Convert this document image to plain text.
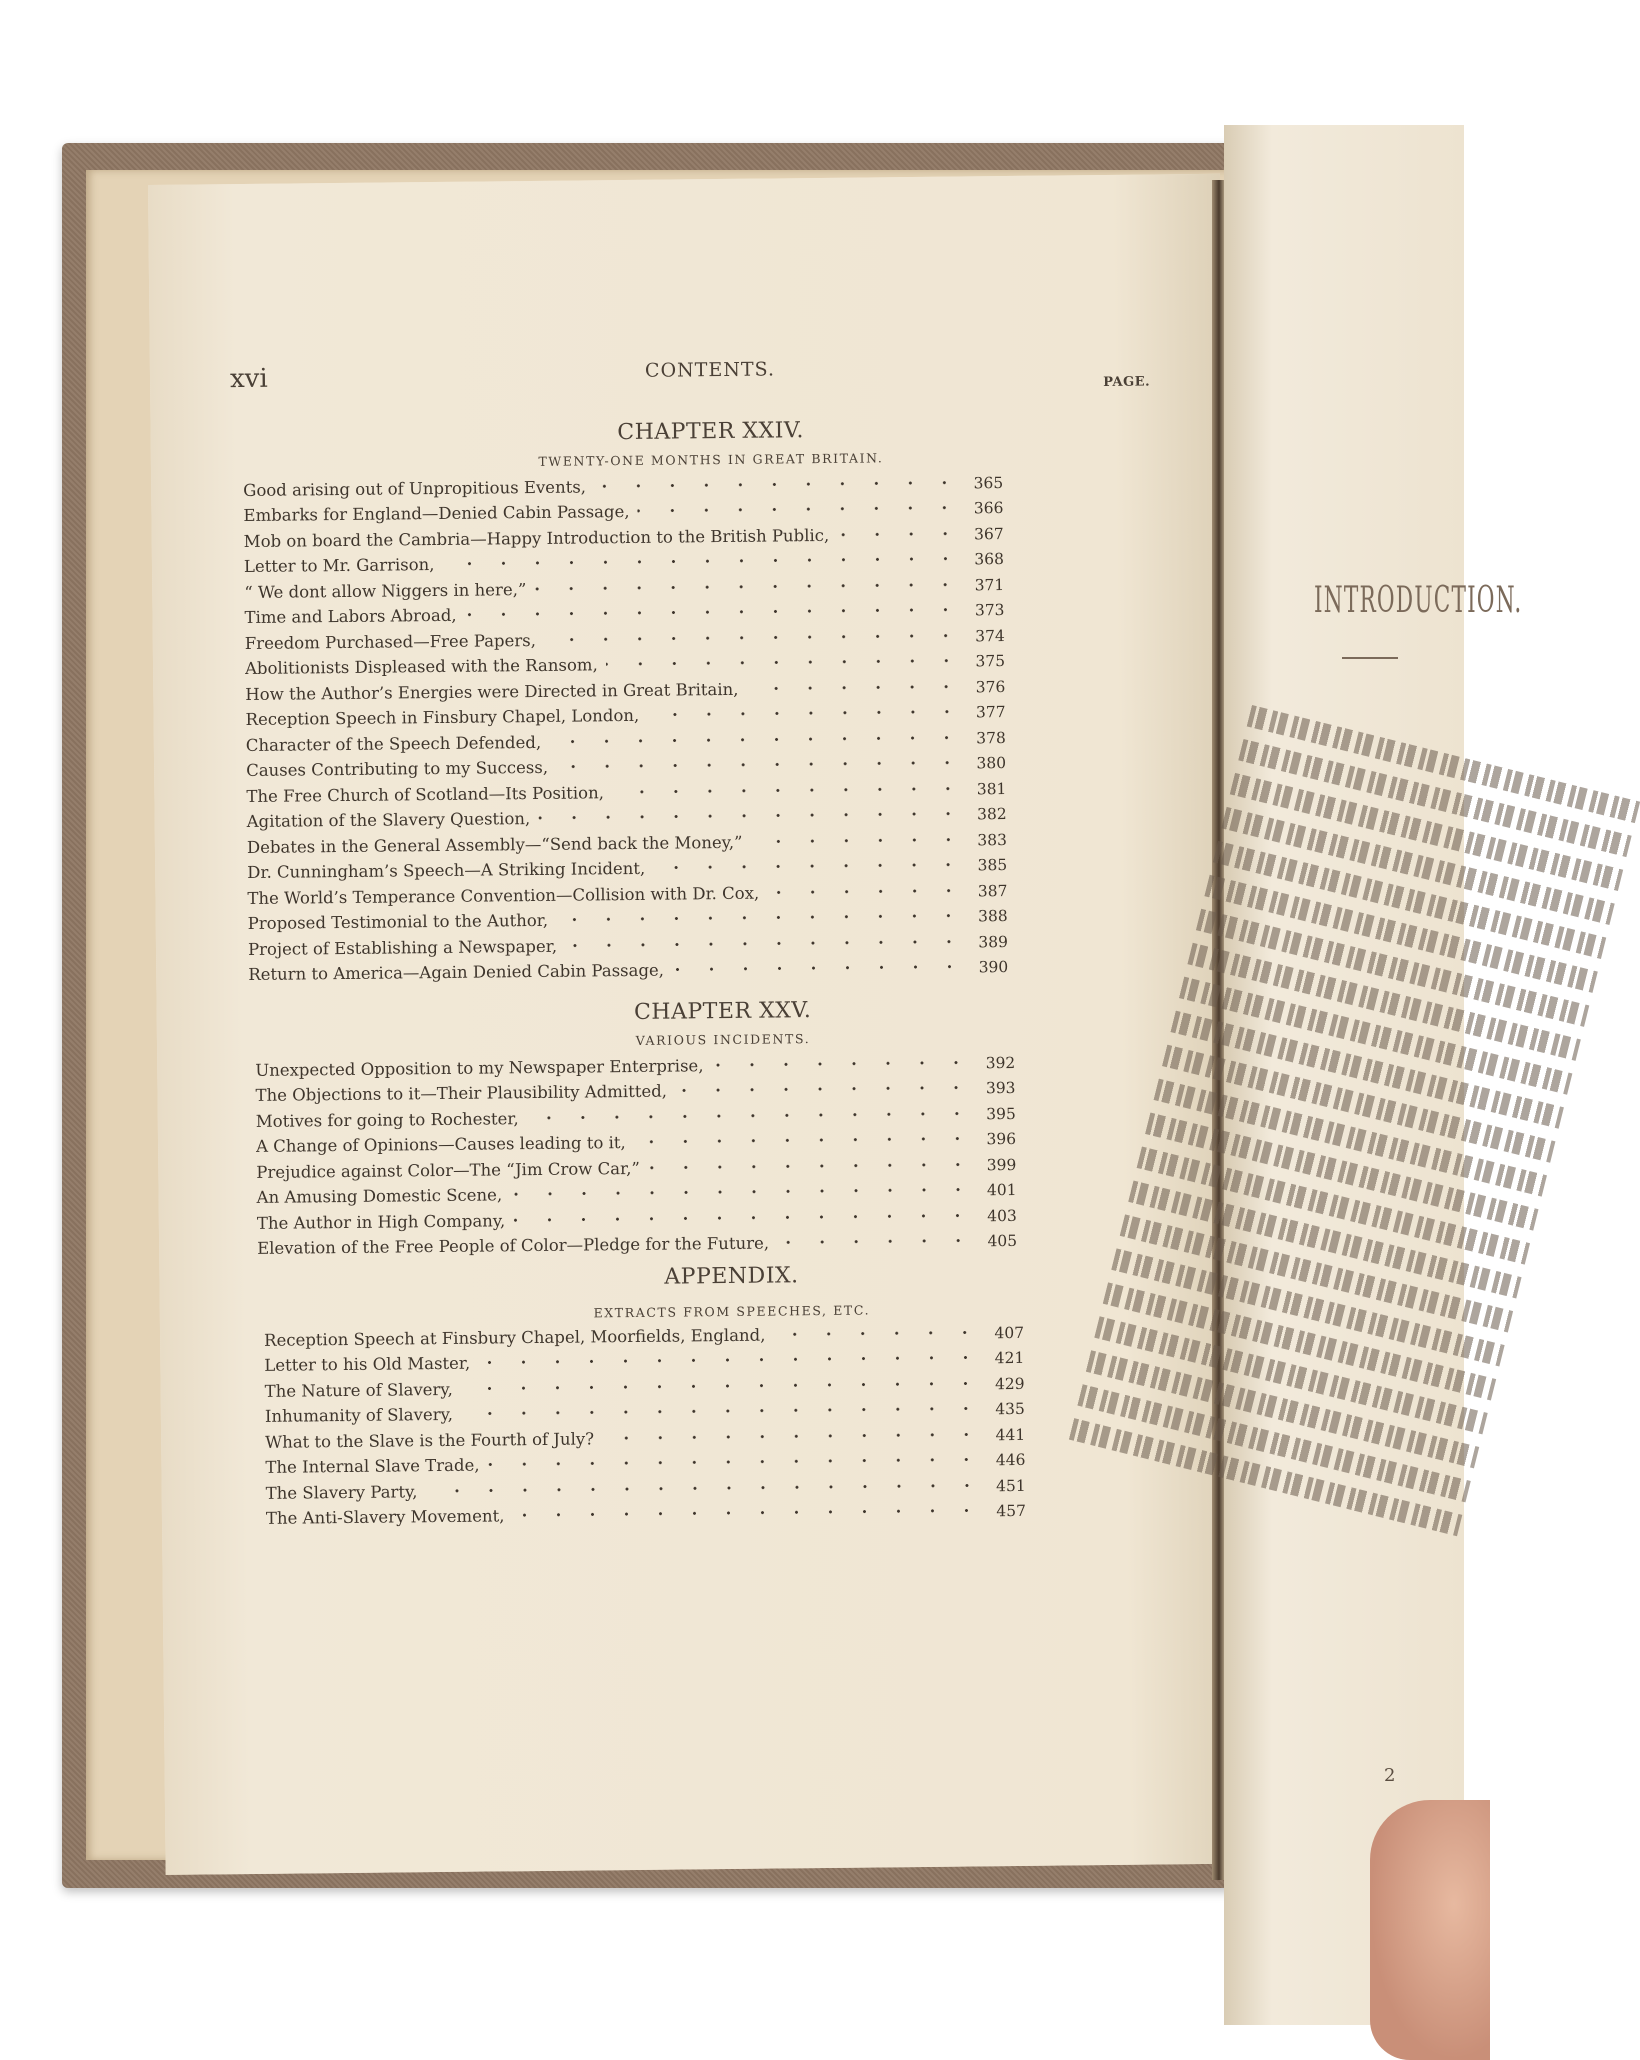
xvi	CONTENTS.
PAGE.
CHAPTER XXIV.
TWENTY-ONE MONTHS IN GREAT BRITAIN.
Good arising out of Unpropitious Events,	365
Embarks for England—Denied Cabin Passage,	366
Mob on board the Cambria—Happy Introduction to the British Public,	367
Letter to Mr. Garrison,	368
“ We dont allow Niggers in here,”	371
Time and Labors Abroad,	373
Freedom Purchased—Free Papers,	374
Abolitionists Displeased with the Ransom,	375
How the Author’s Energies were Directed in Great Britain,	376
Reception Speech in Finsbury Chapel, London,	377
Character of the Speech Defended,	378
Causes Contributing to my Success,	380
The Free Church of Scotland—Its Position,	381
Agitation of the Slavery Question,	382
Debates in the General Assembly—“Send back the Money,”	383
Dr. Cunningham’s Speech—A Striking Incident,	385
The World’s Temperance Convention—Collision with Dr. Cox,	387
Proposed Testimonial to the Author,	388
Project of Establishing a Newspaper,	389
Return to America—Again Denied Cabin Passage,	390
CHAPTER XXV.
VARIOUS INCIDENTS.
Unexpected Opposition to my Newspaper Enterprise,	392
The Objections to it—Their Plausibility Admitted,	393
Motives for going to Rochester,	395
A Change of Opinions—Causes leading to it,	396
Prejudice against Color—The “Jim Crow Car,”	399
An Amusing Domestic Scene,	401
The Author in High Company,	403
Elevation of the Free People of Color—Pledge for the Future,	405
APPENDIX.
EXTRACTS FROM SPEECHES, ETC.
Reception Speech at Finsbury Chapel, Moorfields, England,	407
Letter to his Old Master,	421
The Nature of Slavery,	429
Inhumanity of Slavery,	435
What to the Slave is the Fourth of July?	441
The Internal Slave Trade,	446
The Slavery Party,	451
The Anti-Slavery Movement,	457
INTRODUCTION.
2
